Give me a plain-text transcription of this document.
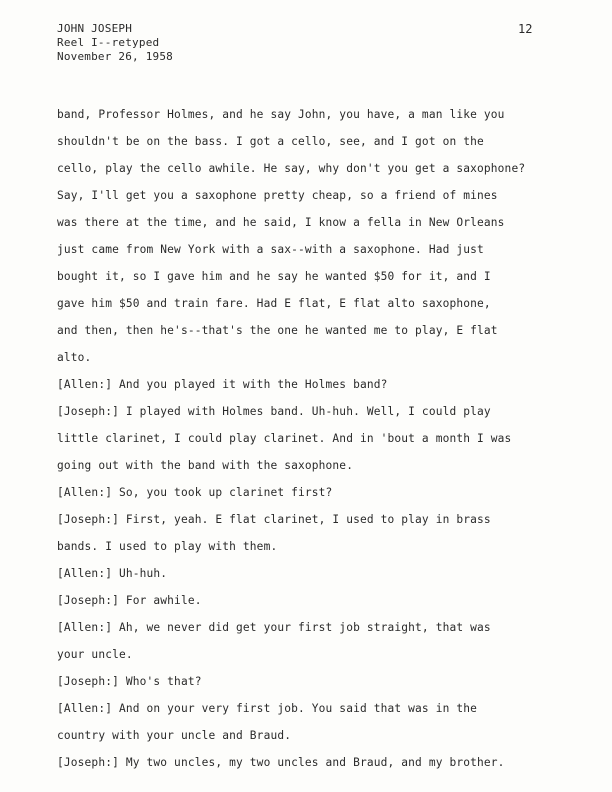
JOHN JOSEPH
Reel I--retyped
November 26, 1958
12
band, Professor Holmes, and he say John, you have, a man like you
shouldn't be on the bass. I got a cello, see, and I got on the
cello, play the cello awhile. He say, why don't you get a saxophone?
Say, I'll get you a saxophone pretty cheap, so a friend of mines
was there at the time, and he said, I know a fella in New Orleans
just came from New York with a sax--with a saxophone. Had just
bought it, so I gave him and he say he wanted $50 for it, and I
gave him $50 and train fare. Had E flat, E flat alto saxophone,
and then, then he's--that's the one he wanted me to play, E flat
alto.
[Allen:] And you played it with the Holmes band?
[Joseph:] I played with Holmes band. Uh-huh. Well, I could play
little clarinet, I could play clarinet. And in 'bout a month I was
going out with the band with the saxophone.
[Allen:] So, you took up clarinet first?
[Joseph:] First, yeah. E flat clarinet, I used to play in brass
bands. I used to play with them.
[Allen:] Uh-huh.
[Joseph:] For awhile.
[Allen:] Ah, we never did get your first job straight, that was
your uncle.
[Joseph:] Who's that?
[Allen:] And on your very first job. You said that was in the
country with your uncle and Braud.
[Joseph:] My two uncles, my two uncles and Braud, and my brother.
